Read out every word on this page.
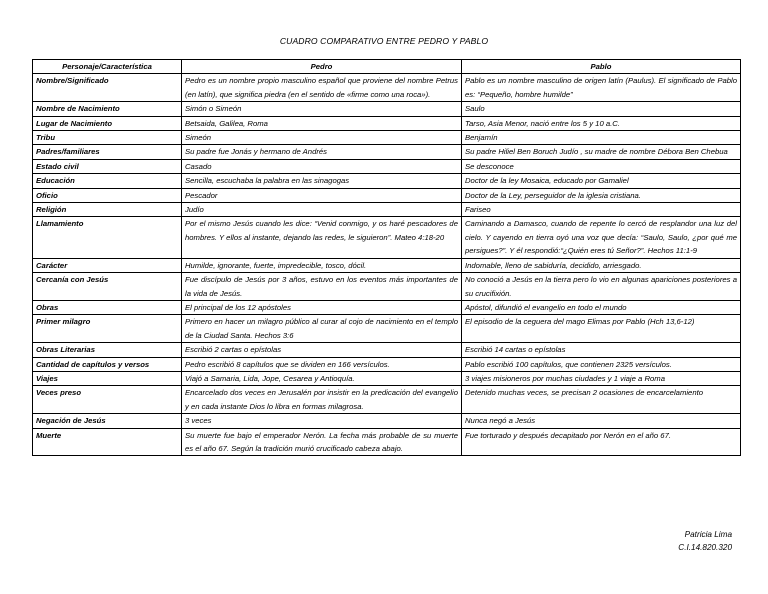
CUADRO COMPARATIVO ENTRE PEDRO Y PABLO
Personaje/Característica	Pedro	Pablo
Nombre/Significado	Pedro es un nombre propio masculino español que proviene del nombre Petrus (en latín), que significa piedra (en el sentido de «firme como una roca»).	Pablo es un nombre masculino de origen latín (Paulus). El significado de Pablo es: “Pequeño, hombre humilde”
Nombre de Nacimiento	Simón o Simeón	Saulo
Lugar de Nacimiento	Betsaida, Galilea, Roma	Tarso, Asia Menor, nació entre los 5 y 10 a.C.
Tribu	Simeón	Benjamín
Padres/familiares	Su padre fue Jonás y hermano de Andrés	Su padre Hiliel Ben Boruch Judío , su madre de nombre Débora Ben Chebua
Estado civil	Casado	Se desconoce
Educación	Sencilla, escuchaba la palabra en las sinagogas	Doctor de la ley Mosaica, educado por Gamaliel
Oficio	Pescador	Doctor de la Ley, perseguidor de la iglesia cristiana.
Religión	Judío	Fariseo
Llamamiento	Por el mismo Jesús cuando les dice: “Venid conmigo, y os haré pescadores de hombres. Y ellos al instante, dejando las redes, le siguieron”. Mateo 4:18-20	Caminando a Damasco, cuando de repente lo cercó de resplandor una luz del cielo. Y cayendo en tierra oyó una voz que decía: “Saulo, Saulo, ¿por qué me persigues?”. Y él respondió:“¿Quién eres tú Señor?”. Hechos 11:1-9
Carácter	Humilde, ignorante, fuerte, impredecible, tosco, dócil.	Indomable, lleno de sabiduría, decidido, arriesgado.
Cercanía con Jesús	Fue discípulo de Jesús por 3 años, estuvo en los eventos más importantes de la vida de Jesús.	No conoció a Jesús en la tierra pero lo vio en algunas apariciones posteriores a su crucifixión.
Obras	El principal de los 12 apóstoles	Apóstol, difundió el evangelio en todo el mundo
Primer milagro	Primero en hacer un milagro público al curar al cojo de nacimiento en el templo de la Ciudad Santa. Hechos 3:6	El episodio de la ceguera del mago Elimas por Pablo (Hch 13,6-12)
Obras Literarias	Escribió 2 cartas o epístolas	Escribió 14 cartas o epístolas
Cantidad de capítulos y versos	Pedro escribió 8 capítulos que se dividen en 166 versículos.	Pablo escribió 100 capítulos, que contienen 2325 versículos.
Viajes	Viajó a Samaria, Lida, Jope, Cesarea y Antioquía.	3 viajes misioneros por muchas ciudades y 1 viaje a Roma
Veces preso	Encarcelado dos veces en Jerusalén por insistir en la predicación del evangelio y en cada instante Dios lo libra en formas milagrosa.	Detenido muchas veces, se precisan 2 ocasiones de encarcelamiento
Negación de Jesús	3 veces	Nunca negó a Jesús
Muerte	Su muerte fue bajo el emperador Nerón. La fecha más probable de su muerte es el año 67. Según la tradición murió crucificado cabeza abajo.	Fue torturado y después decapitado por Nerón en el año 67.
Patricia Lima
C.I.14.820.320
